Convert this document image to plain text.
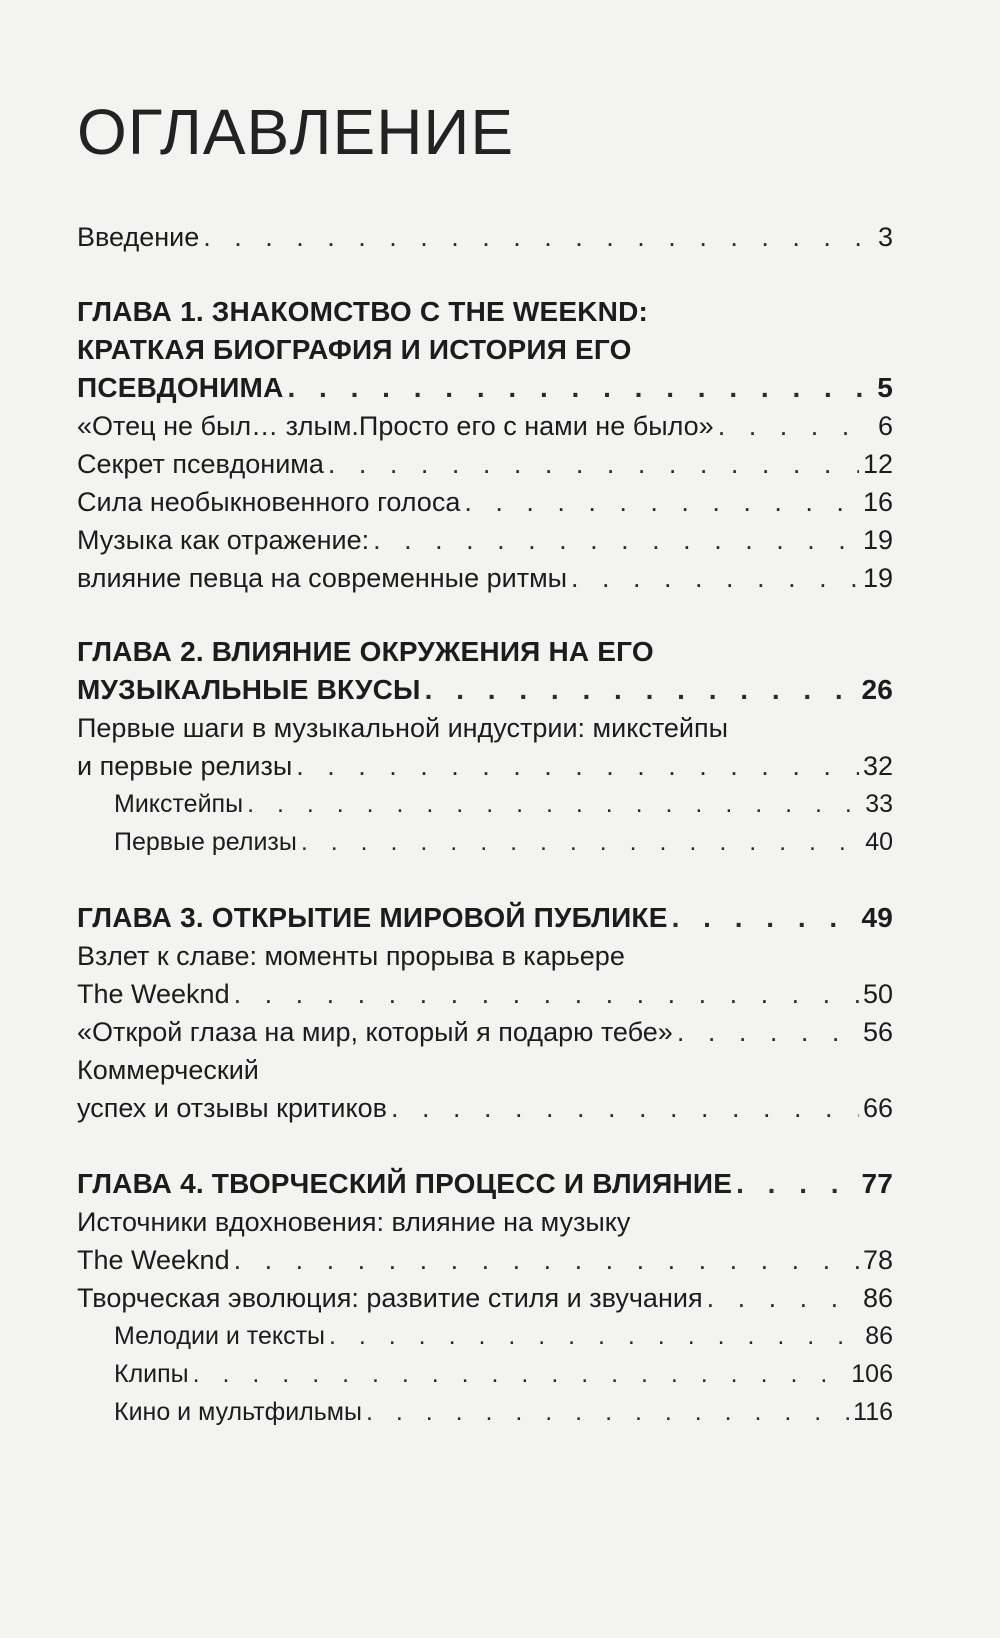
ОГЛАВЛЕНИЕ
Введение . . .	3
ГЛАВА 1. ЗНАКОМСТВО С THE WEEKND:
КРАТКАЯ БИОГРАФИЯ И ИСТОРИЯ ЕГО
ПСЕВДОНИМА . . .	5
«Отец не был… злым.Просто его с нами не было» . . .	6
Секрет псевдонима . . .	12
Сила необыкновенного голоса . . .	16
Музыка как отражение: . . .	19
влияние певца на современные ритмы . . .	19
ГЛАВА 2. ВЛИЯНИЕ ОКРУЖЕНИЯ НА ЕГО
МУЗЫКАЛЬНЫЕ ВКУСЫ . . .	26
Первые шаги в музыкальной индустрии: микстейпы
и первые релизы . . .	32
Микстейпы . . .	33
Первые релизы . . .	40
ГЛАВА 3. ОТКРЫТИЕ МИРОВОЙ ПУБЛИКЕ . . .	49
Взлет к славе: моменты прорыва в карьере
The Weeknd . . .	50
«Открой глаза на мир, который я подарю тебе» . . .	56
Коммерческий
успех и отзывы критиков . . .	66
ГЛАВА 4. ТВОРЧЕСКИЙ ПРОЦЕСС И ВЛИЯНИЕ . . .	77
Источники вдохновения: влияние на музыку
The Weeknd . . .	78
Творческая эволюция: развитие стиля и звучания . . .	86
Мелодии и тексты . . .	86
Клипы . . .	106
Кино и мультфильмы . . .	116
